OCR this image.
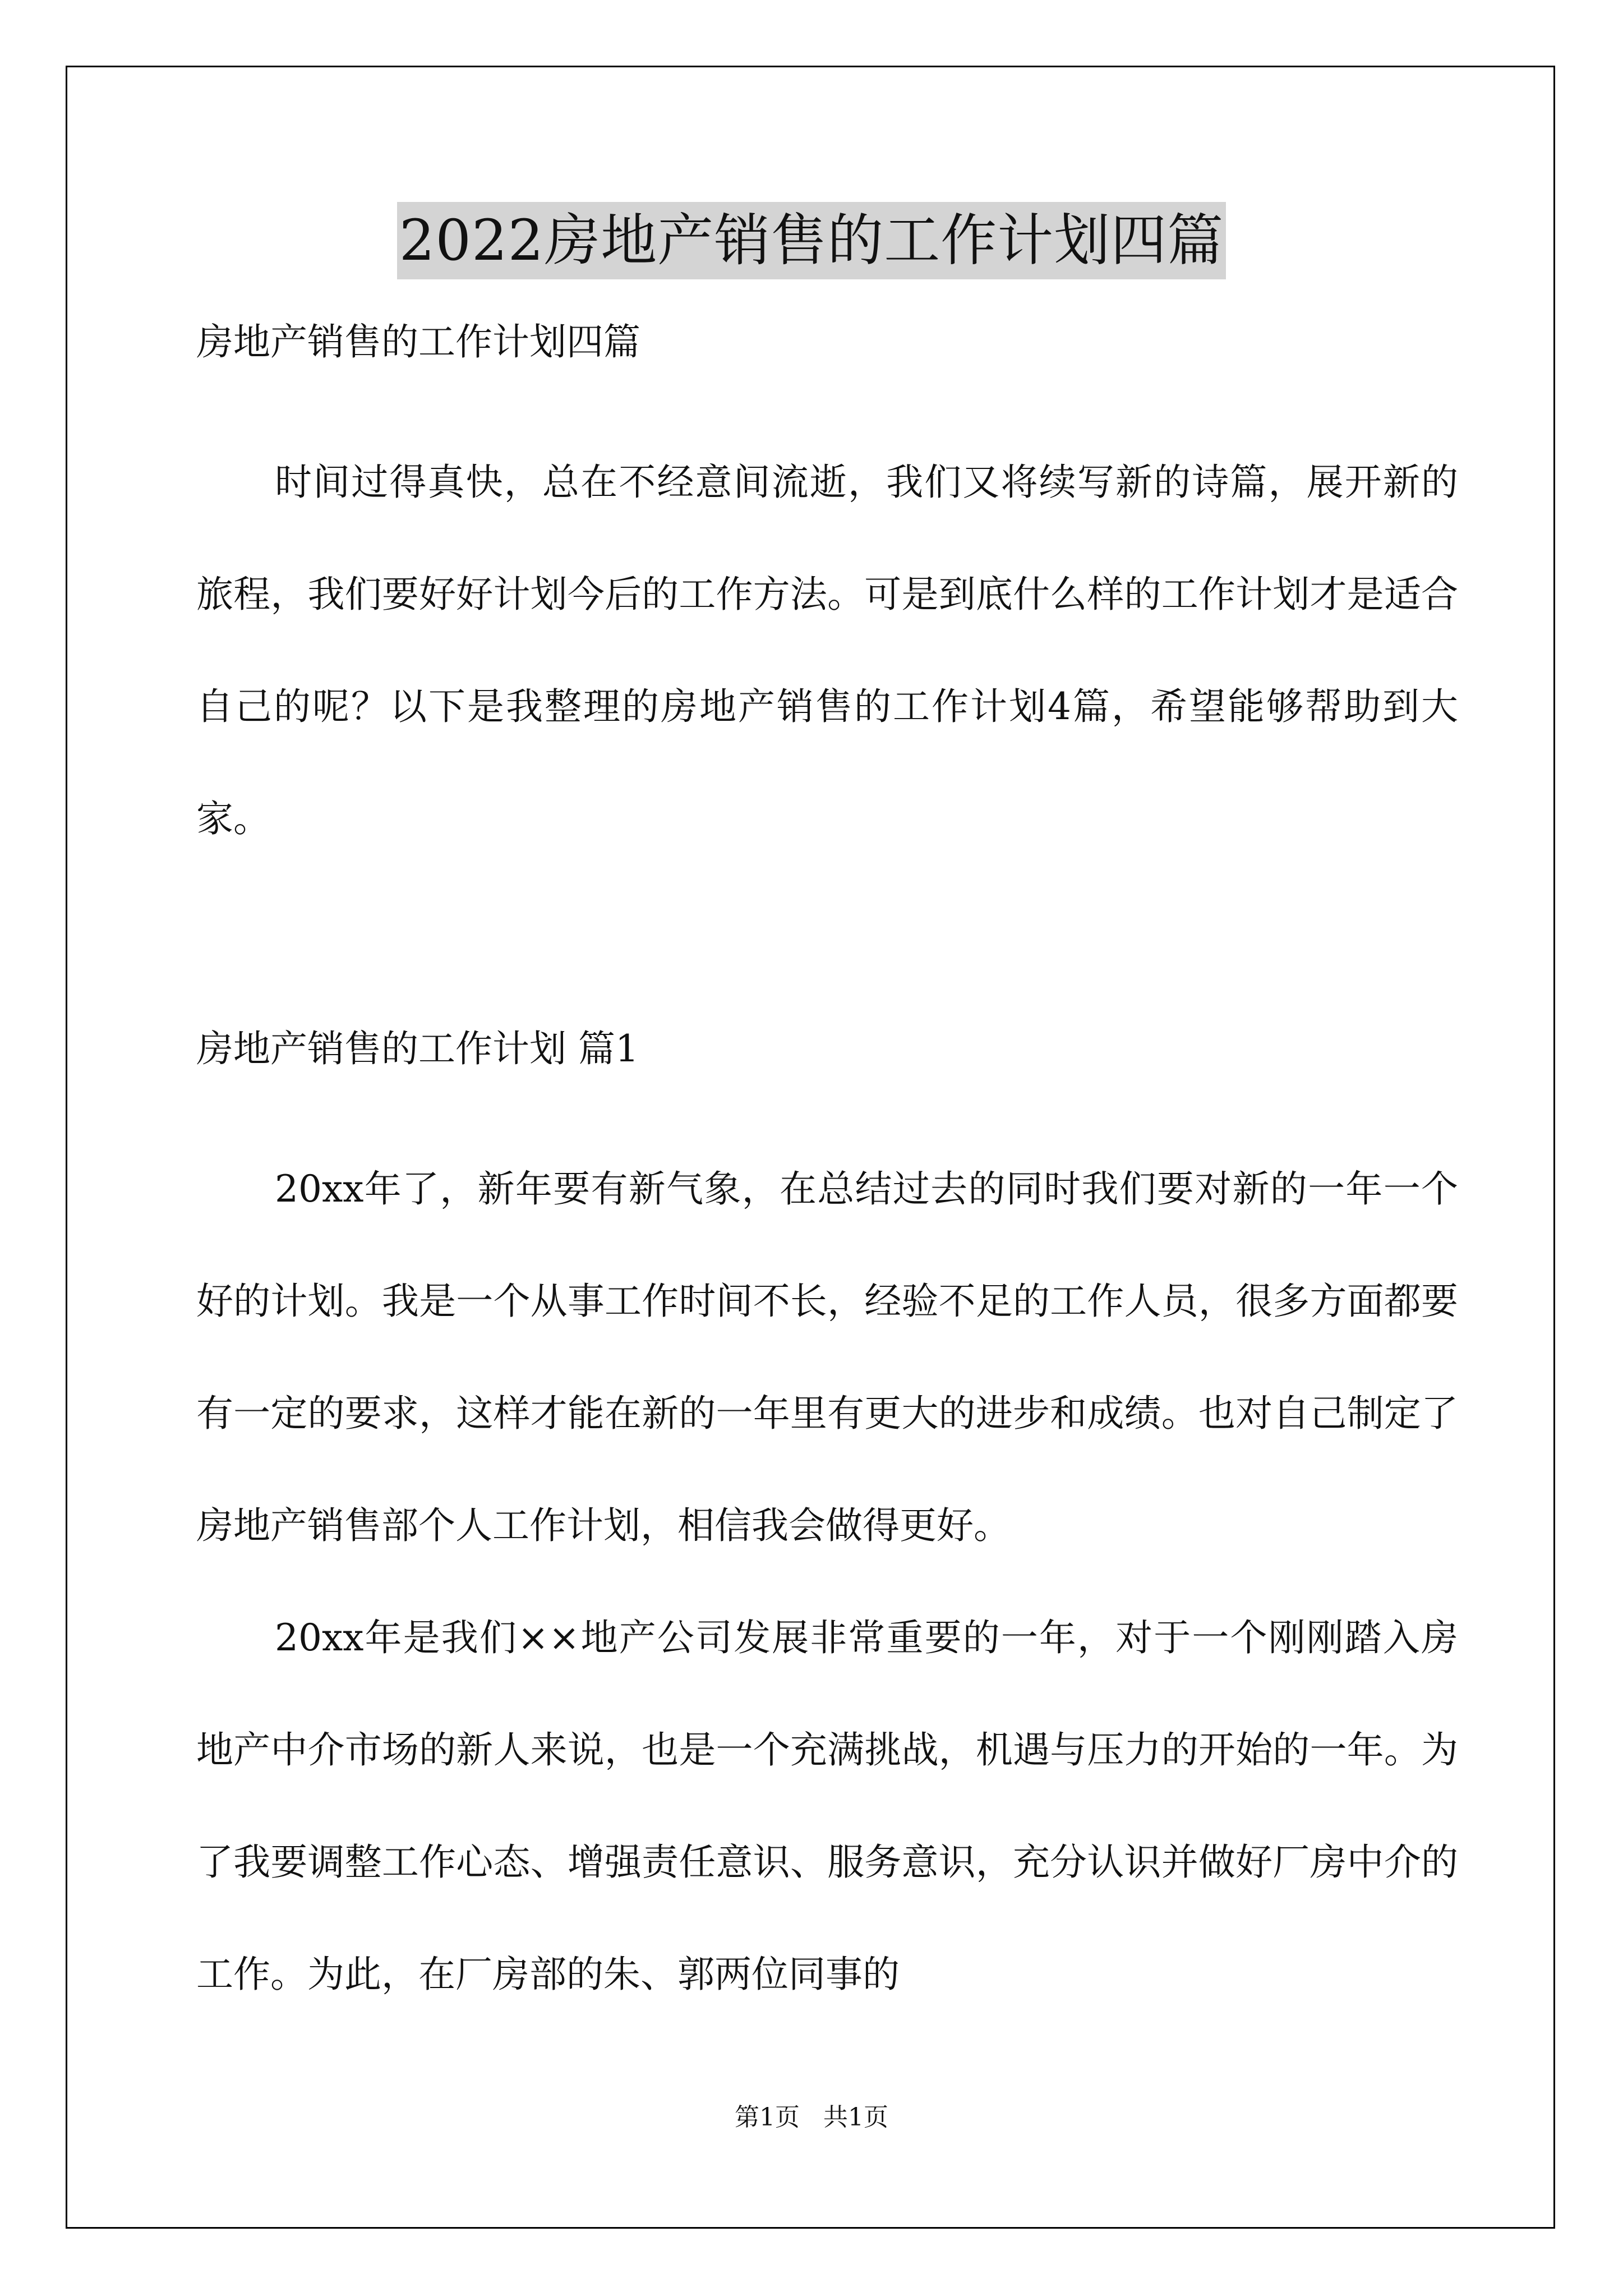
2022房地产销售的工作计划四篇
房地产销售的工作计划四篇

时间过得真快，总在不经意间流逝，我们又将续写新的诗篇，展开新的旅程，我们要好好计划今后的工作方法。可是到底什么样的工作计划才是适合自己的呢？以下是我整理的房地产销售的工作计划4篇，希望能够帮助到大家。

房地产销售的工作计划 篇1

20xx年了，新年要有新气象，在总结过去的同时我们要对新的一年一个好的计划。我是一个从事工作时间不长，经验不足的工作人员，很多方面都要有一定的要求，这样才能在新的一年里有更大的进步和成绩。也对自己制定了房地产销售部个人工作计划，相信我会做得更好。

20xx年是我们××地产公司发展非常重要的一年，对于一个刚刚踏入房地产中介市场的新人来说，也是一个充满挑战，机遇与压力的开始的一年。为了我要调整工作心态、增强责任意识、服务意识，充分认识并做好厂房中介的工作。为此，在厂房部的朱、郭两位同事的

第1页   共1页
